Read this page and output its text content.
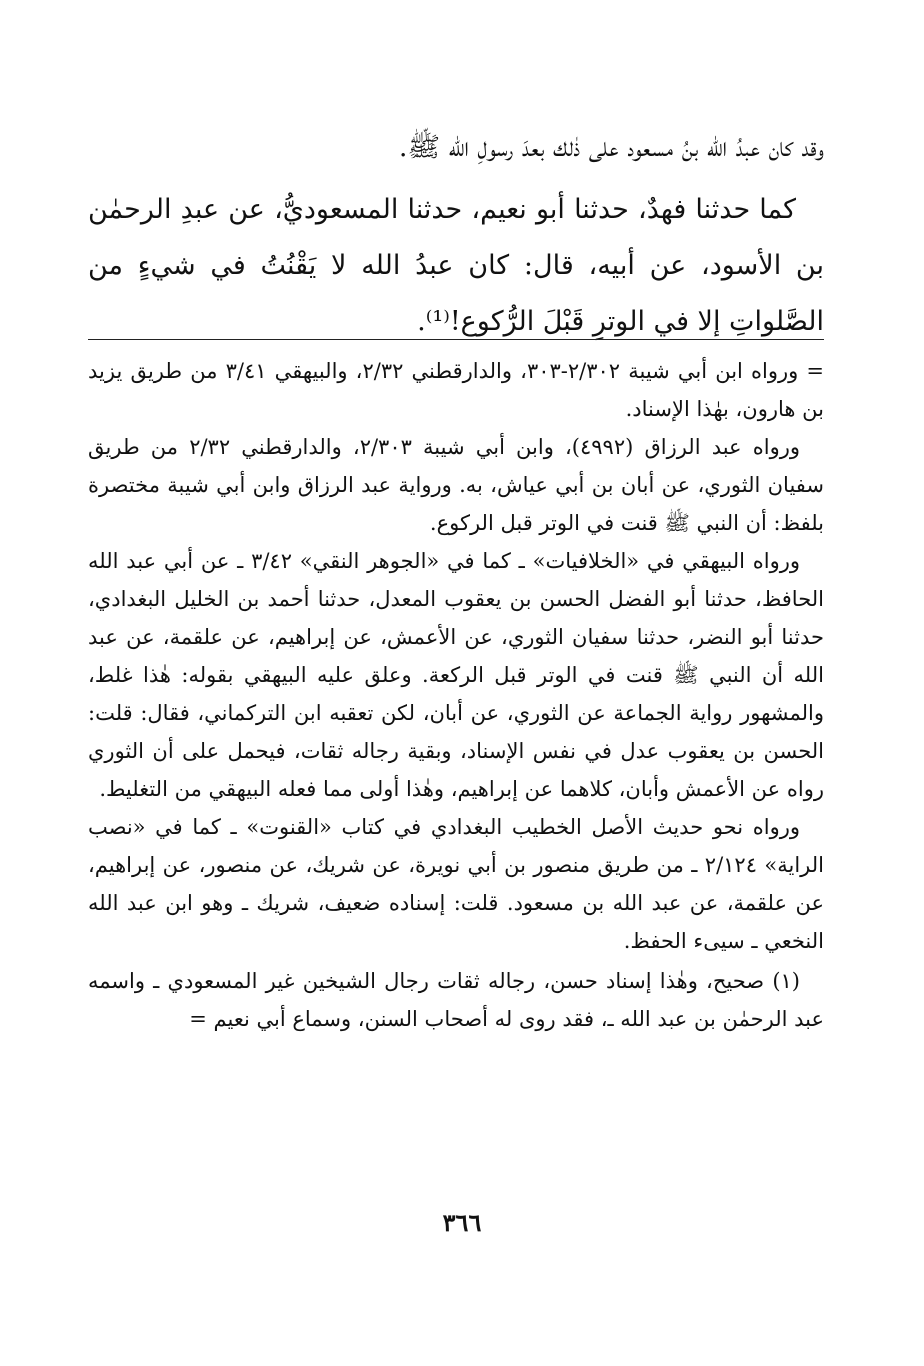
وقد كان عبدُ الله بنُ مسعود على ذٰلك بعدَ رسولِ الله ﷺ.

كما حدثنا فهدٌ، حدثنا أبو نعيم، حدثنا المسعوديُّ، عن عبدِ الرحمٰن بن الأسود، عن أبيه، قال: كان عبدُ الله لا يَقْنُتُ في شيءٍ من الصَّلواتِ إلا في الوترِ قَبْلَ الرُّكوع!⁽¹⁾.

= ورواه ابن أبي شيبة ٢/٣٠٢-٣٠٣، والدارقطني ٢/٣٢، والبيهقي ٣/٤١ من طريق يزيد بن هارون، بهٰذا الإسناد.

ورواه عبد الرزاق (٤٩٩٢)، وابن أبي شيبة ٢/٣٠٣، والدارقطني ٢/٣٢ من طريق سفيان الثوري، عن أبان بن أبي عياش، به. ورواية عبد الرزاق وابن أبي شيبة مختصرة بلفظ: أن النبي ﷺ قنت في الوتر قبل الركوع.

ورواه البيهقي في «الخلافيات» ـ كما في «الجوهر النقي» ٣/٤٢ ـ عن أبي عبد الله الحافظ، حدثنا أبو الفضل الحسن بن يعقوب المعدل، حدثنا أحمد بن الخليل البغدادي، حدثنا أبو النضر، حدثنا سفيان الثوري، عن الأعمش، عن إبراهيم، عن علقمة، عن عبد الله أن النبي ﷺ قنت في الوتر قبل الركعة. وعلق عليه البيهقي بقوله: هٰذا غلط، والمشهور رواية الجماعة عن الثوري، عن أبان، لكن تعقبه ابن التركماني، فقال: قلت: الحسن بن يعقوب عدل في نفس الإسناد، وبقية رجاله ثقات، فيحمل على أن الثوري رواه عن الأعمش وأبان، كلاهما عن إبراهيم، وهٰذا أولى مما فعله البيهقي من التغليط.

ورواه نحو حديث الأصل الخطيب البغدادي في كتاب «القنوت» ـ كما في «نصب الراية» ٢/١٢٤ ـ من طريق منصور بن أبي نويرة، عن شريك، عن منصور، عن إبراهيم، عن علقمة، عن عبد الله بن مسعود. قلت: إسناده ضعيف، شريك ـ وهو ابن عبد الله النخعي ـ سيىء الحفظ.

(١) صحيح، وهٰذا إسناد حسن، رجاله ثقات رجال الشيخين غير المسعودي ـ واسمه عبد الرحمٰن بن عبد الله ـ، فقد روى له أصحاب السنن، وسماع أبي نعيم =

٣٦٦
